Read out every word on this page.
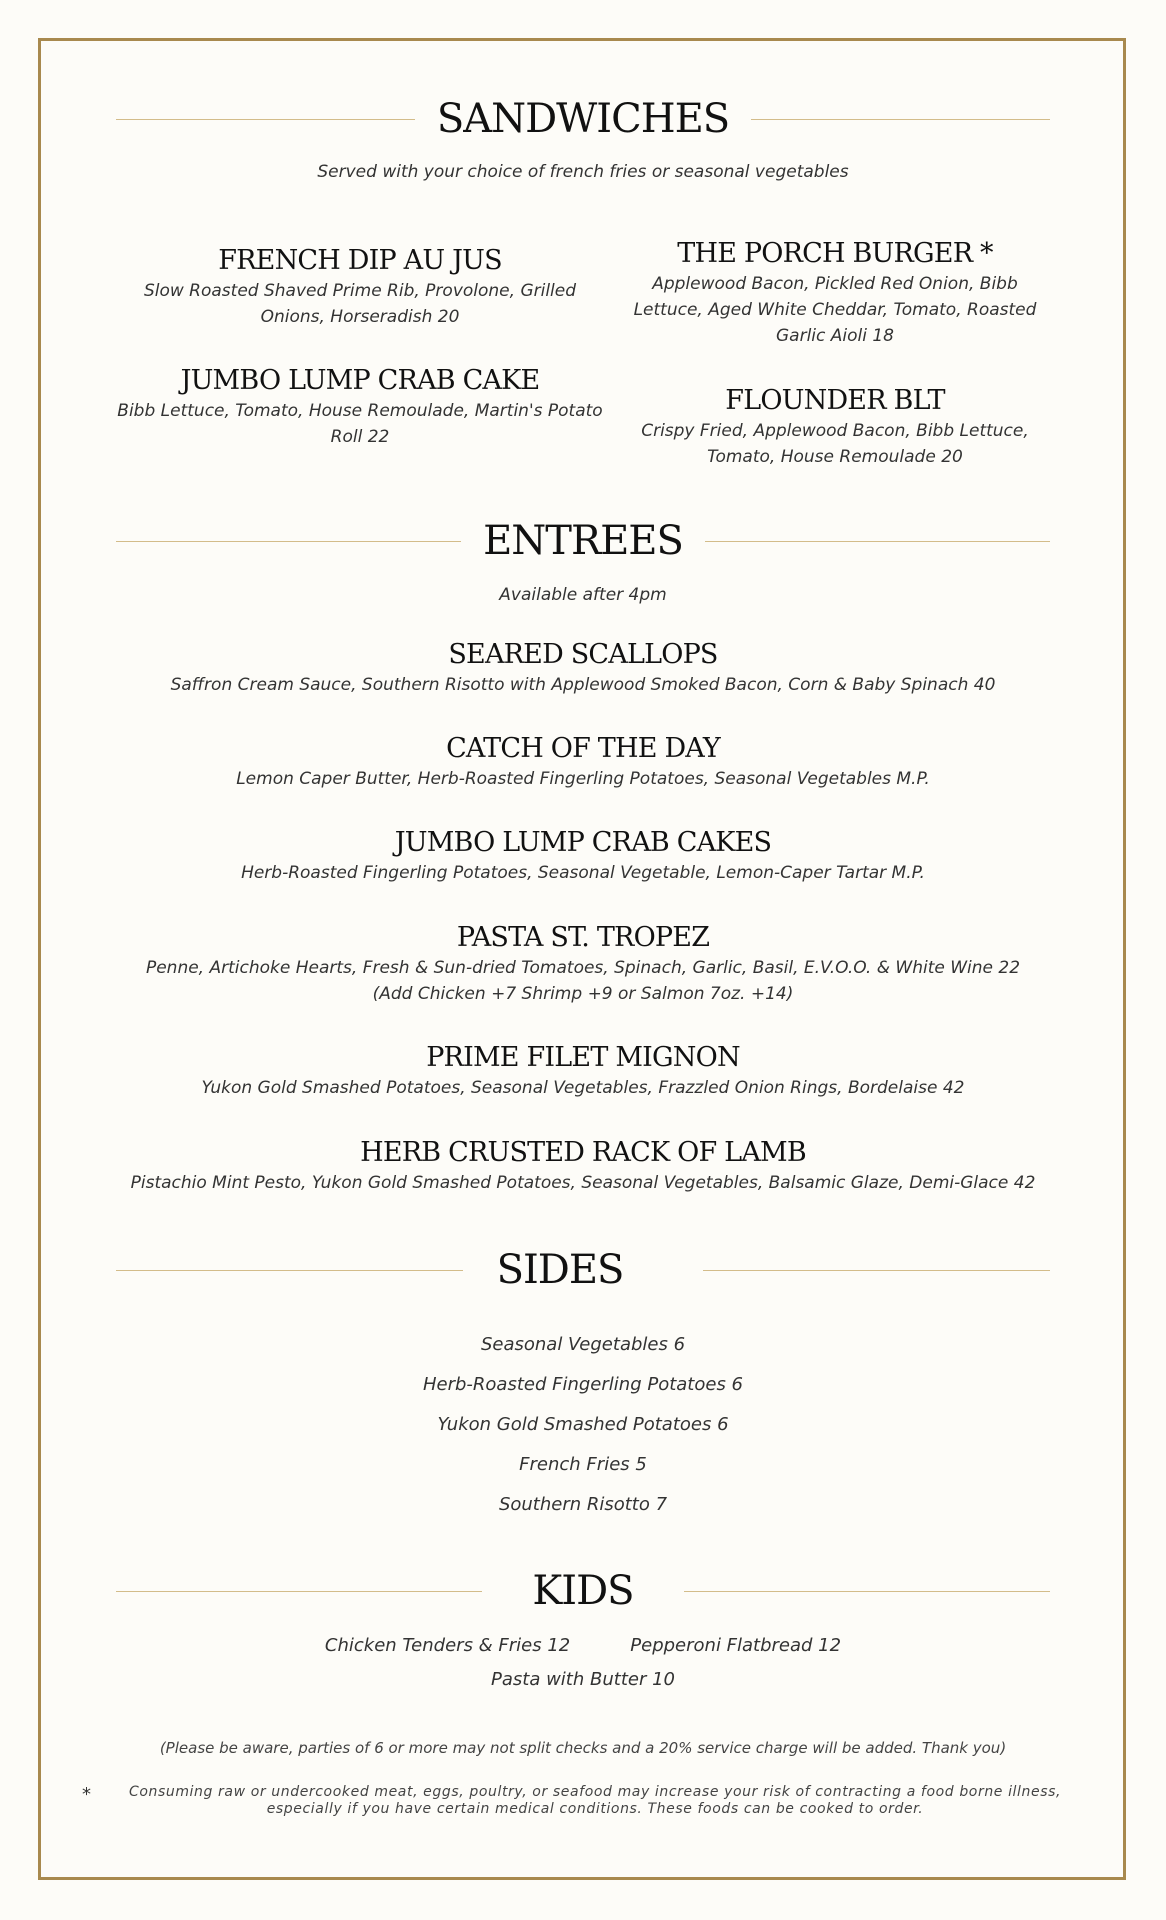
SANDWICHES
Served with your choice of french fries or seasonal vegetables
FRENCH DIP AU JUS

Slow Roasted Shaved Prime Rib, Provolone, Grilled Onions, Horseradish 20

JUMBO LUMP CRAB CAKE

Bibb Lettuce, Tomato, House Remoulade, Martin's Potato Roll 22

THE PORCH BURGER *

Applewood Bacon, Pickled Red Onion, Bibb Lettuce, Aged White Cheddar, Tomato, Roasted Garlic Aioli 18

FLOUNDER BLT

Crispy Fried, Applewood Bacon, Bibb Lettuce, Tomato, House Remoulade 20

ENTREES
Available after 4pm
SEARED SCALLOPS

Saffron Cream Sauce, Southern Risotto with Applewood Smoked Bacon, Corn & Baby Spinach 40

CATCH OF THE DAY

Lemon Caper Butter, Herb-Roasted Fingerling Potatoes, Seasonal Vegetables M.P.

JUMBO LUMP CRAB CAKES

Herb-Roasted Fingerling Potatoes, Seasonal Vegetable, Lemon-Caper Tartar M.P.

PASTA ST. TROPEZ

Penne, Artichoke Hearts, Fresh & Sun-dried Tomatoes, Spinach, Garlic, Basil, E.V.O.O. & White Wine 22

(Add Chicken +7 Shrimp +9 or Salmon 7oz. +14)

PRIME FILET MIGNON

Yukon Gold Smashed Potatoes, Seasonal Vegetables, Frazzled Onion Rings, Bordelaise 42

HERB CRUSTED RACK OF LAMB

Pistachio Mint Pesto, Yukon Gold Smashed Potatoes, Seasonal Vegetables, Balsamic Glaze, Demi-Glace 42

SIDES
Seasonal Vegetables 6
Herb-Roasted Fingerling Potatoes 6
Yukon Gold Smashed Potatoes 6
French Fries 5
Southern Risotto 7
KIDS
Chicken Tenders & Fries 12	Pepperoni Flatbread 12
Pasta with Butter 10
(Please be aware, parties of 6 or more may not split checks and a 20% service charge will be added. Thank you)
*	Consuming raw or undercooked meat, eggs, poultry, or seafood may increase your risk of contracting a food borne illness, especially if you have certain medical conditions. These foods can be cooked to order.
